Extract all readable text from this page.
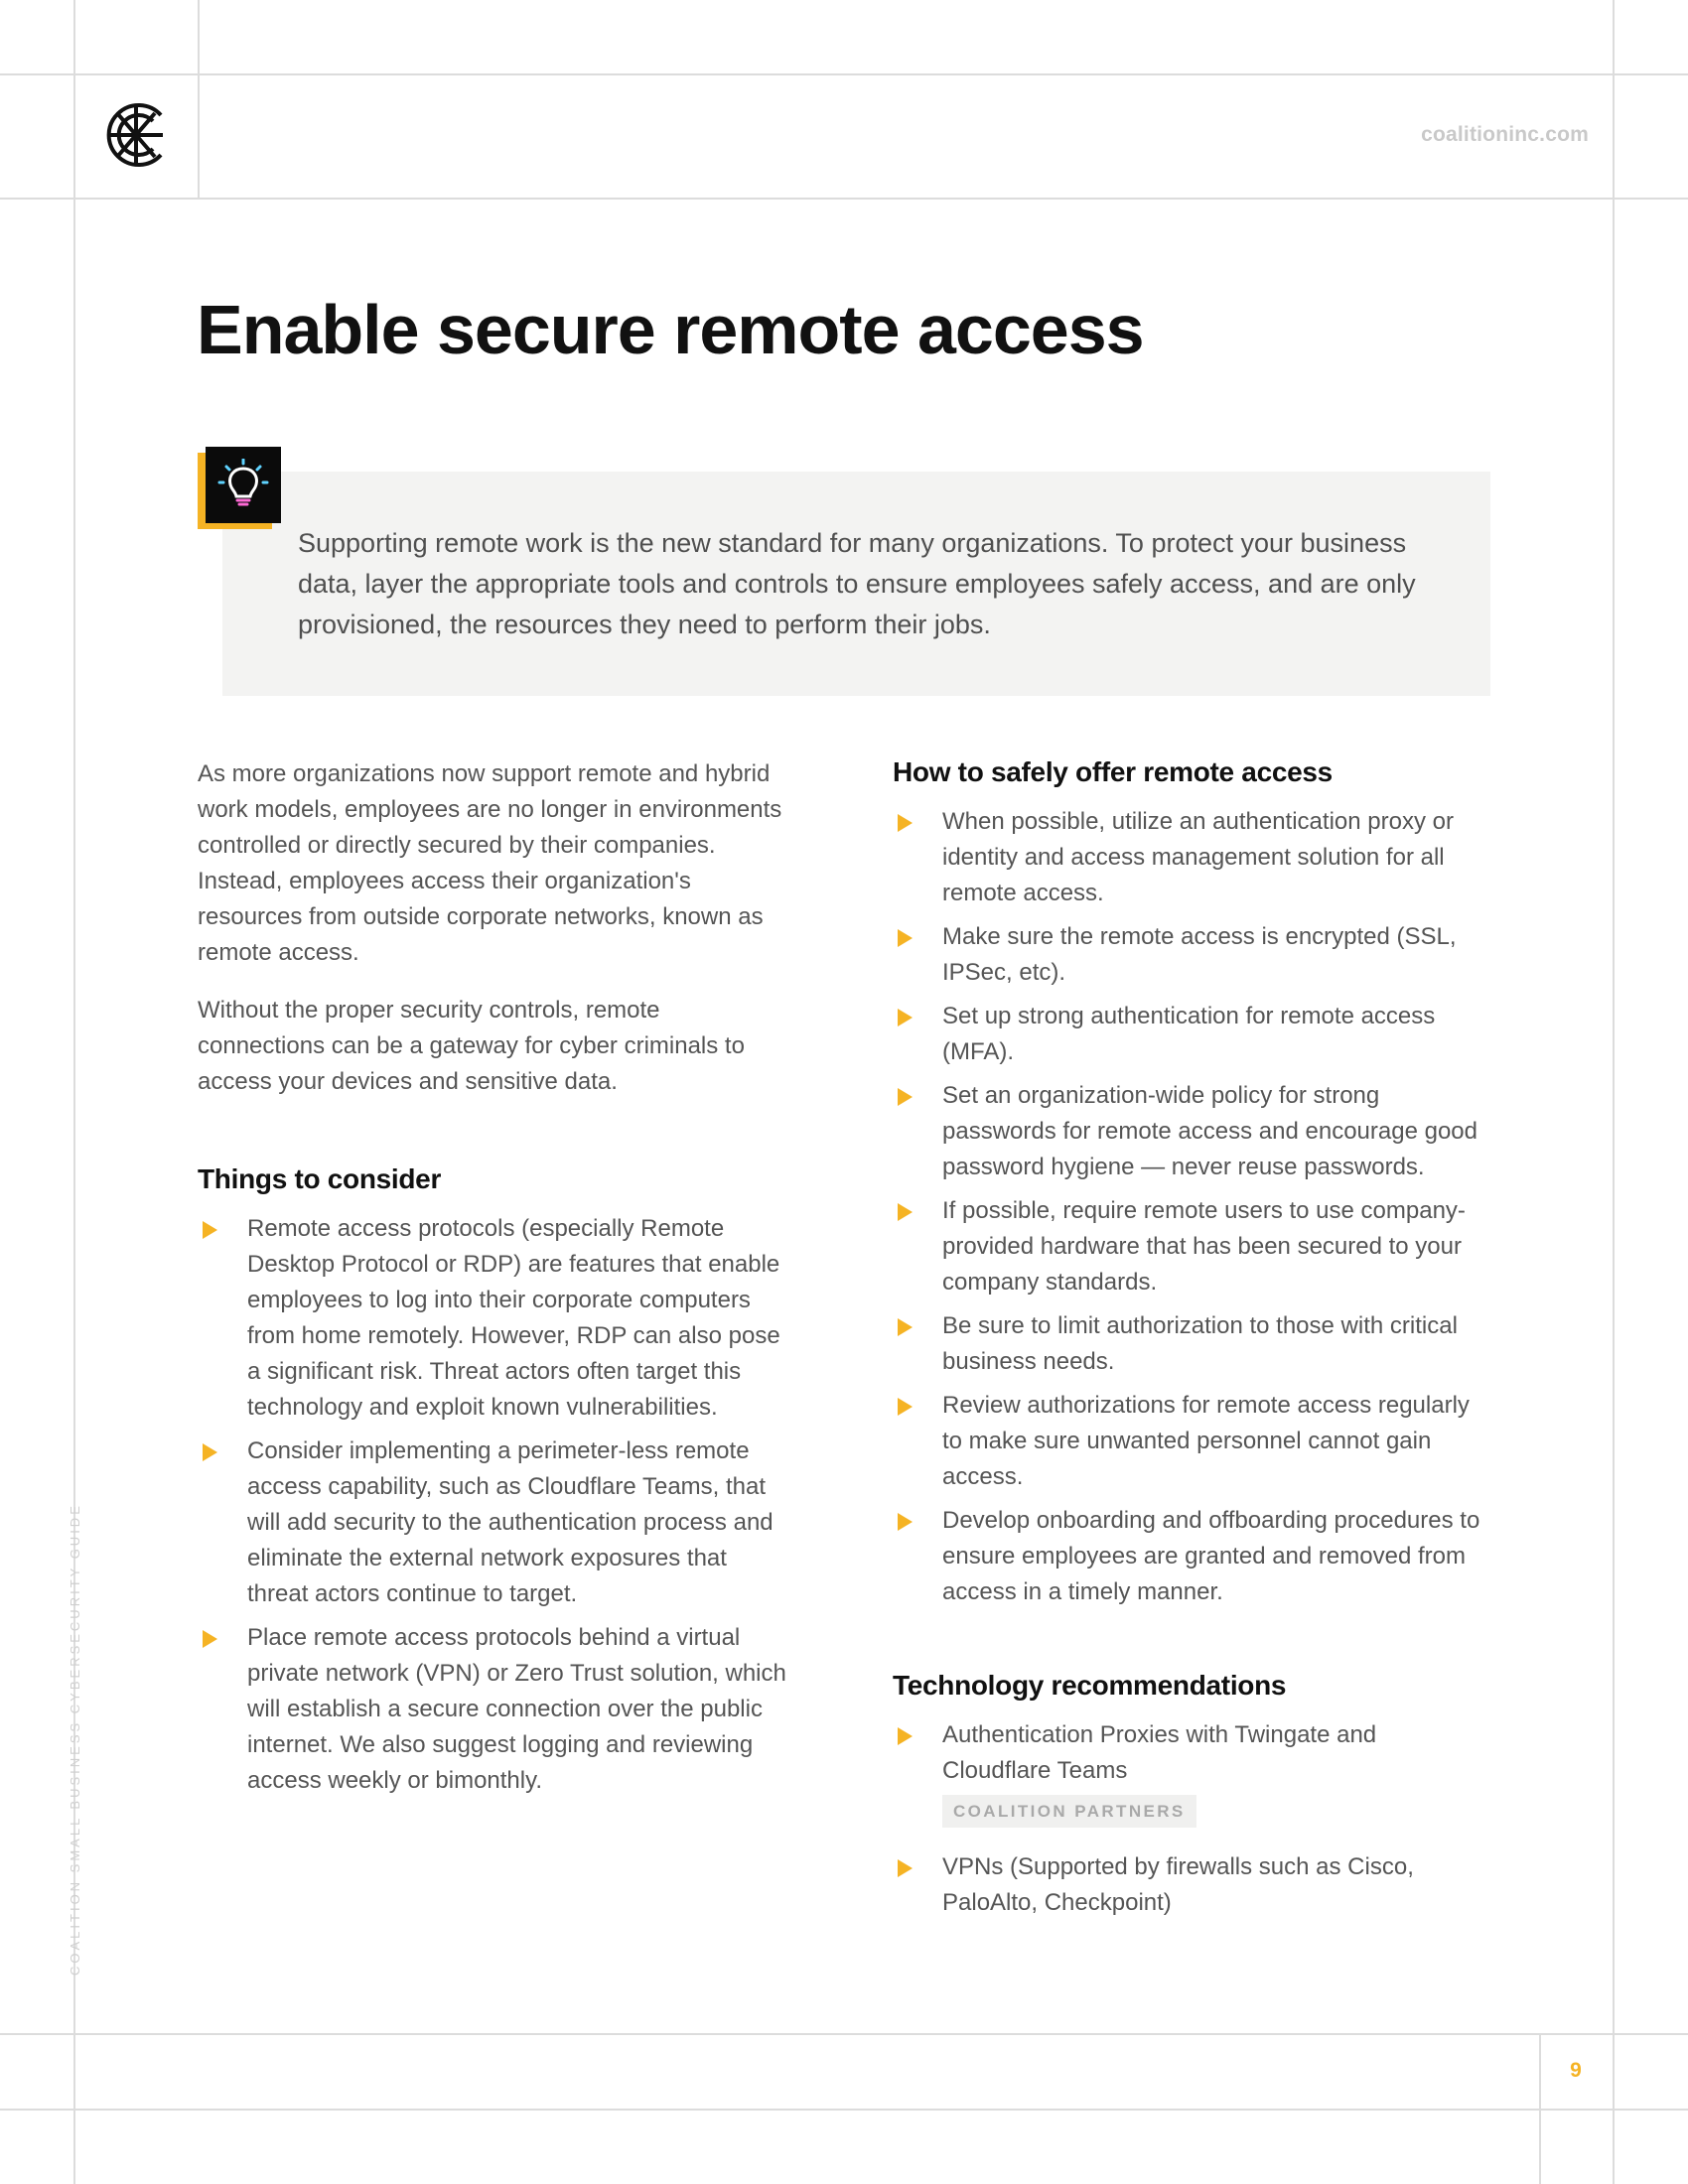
coalitioninc.com
Enable secure remote access
Supporting remote work is the new standard for many organizations. To protect your business data, layer the appropriate tools and controls to ensure employees safely access, and are only provisioned, the resources they need to perform their jobs.

As more organizations now support remote and hybrid work models, employees are no longer in environments controlled or directly secured by their companies. Instead, employees access their organization's resources from outside corporate networks, known as remote access.

Without the proper security controls, remote connections can be a gateway for cyber criminals to access your devices and sensitive data.

Things to consider
Remote access protocols (especially Remote Desktop Protocol or RDP) are features that enable employees to log into their corporate computers from home remotely. However, RDP can also pose a significant risk. Threat actors often target this technology and exploit known vulnerabilities.
Consider implementing a perimeter-less remote access capability, such as Cloudflare Teams, that will add security to the authentication process and eliminate the external network exposures that threat actors continue to target.
Place remote access protocols behind a virtual private network (VPN) or Zero Trust solution, which will establish a secure connection over the public internet. We also suggest logging and reviewing access weekly or bimonthly.
How to safely offer remote access
When possible, utilize an authentication proxy or identity and access management solution for all remote access.
Make sure the remote access is encrypted (SSL, IPSec, etc).
Set up strong authentication for remote access (MFA).
Set an organization-wide policy for strong passwords for remote access and encourage good password hygiene — never reuse passwords.
If possible, require remote users to use company-provided hardware that has been secured to your company standards.
Be sure to limit authorization to those with critical business needs.
Review authorizations for remote access regularly to make sure unwanted personnel cannot gain access.
Develop onboarding and offboarding procedures to ensure employees are granted and removed from access in a timely manner.
Technology recommendations
Authentication Proxies with Twingate and Cloudflare Teams
COALITION PARTNERS
VPNs (Supported by firewalls such as Cisco, PaloAlto, Checkpoint)
COALITION SMALL BUSINESS CYBERSECURITY GUIDE
9
